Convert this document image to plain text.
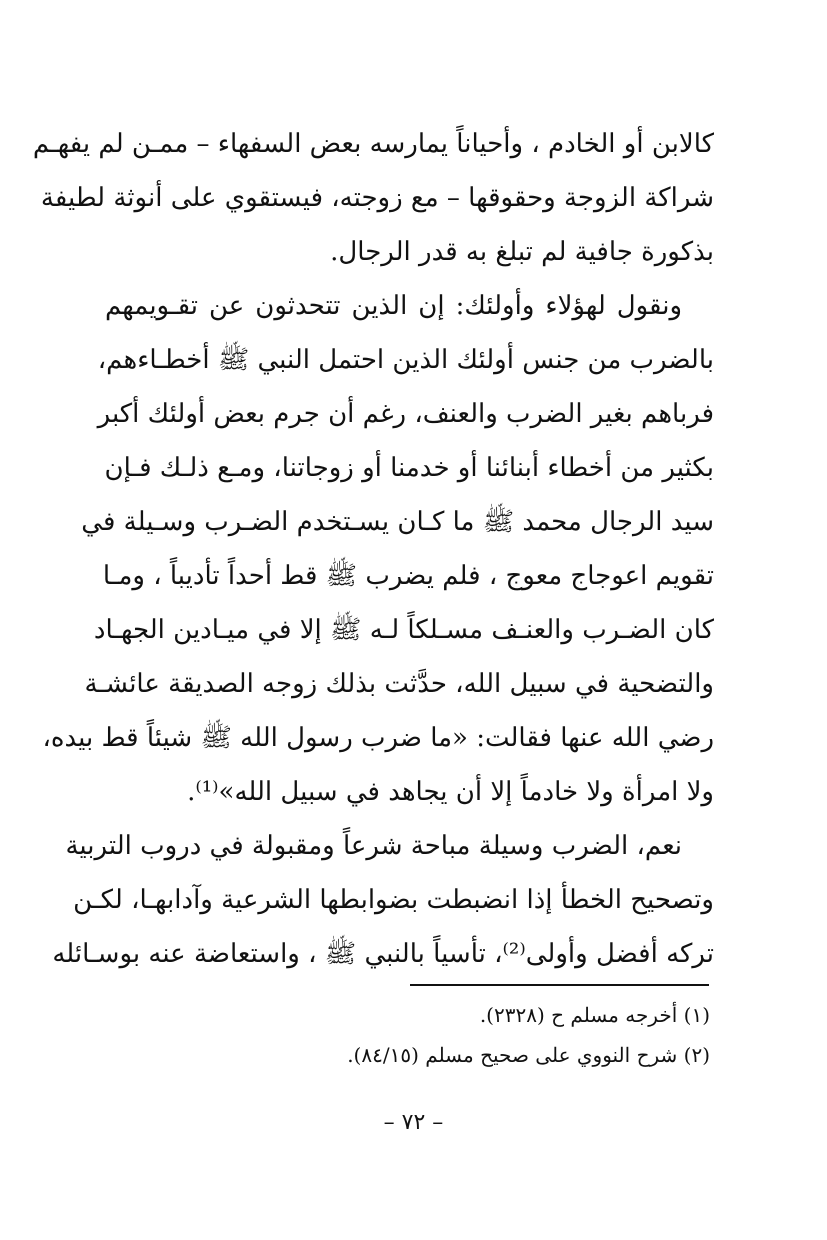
كالابن أو الخادم ، وأحياناً يمارسه بعض السفهاء – ممـن لم يفهـم
شراكة الزوجة وحقوقها – مع زوجته، فيستقوي على أنوثة لطيفة
بذكورة جافية لم تبلغ به قدر الرجال.
ونقول لهؤلاء وأولئك: إن الذين تتحدثون عن تقـويمهم
بالضرب من جنس أولئك الذين احتمل النبي ﷺ أخطـاءهم،
فرباهم بغير الضرب والعنف، رغم أن جرم بعض أولئك أكبر
بكثير من أخطاء أبنائنا أو خدمنا أو زوجاتنا، ومـع ذلـك فـإن
سيد الرجال محمد ﷺ ما كـان يسـتخدم الضـرب وسـيلة في
تقويم اعوجاج معوج ، فلم يضرب ﷺ قط أحداً تأديباً ، ومـا
كان الضـرب والعنـف مسـلكاً لـه ﷺ إلا في ميـادين الجهـاد
والتضحية في سبيل الله، حدَّثت بذلك زوجه الصديقة عائشـة
رضي الله عنها فقالت: «ما ضرب رسول الله ﷺ شيئاً قط بيده،
ولا امرأة ولا خادماً إلا أن يجاهد في سبيل الله»⁽¹⁾.
نعم، الضرب وسيلة مباحة شرعاً ومقبولة في دروب التربية
وتصحيح الخطأ إذا انضبطت بضوابطها الشرعية وآدابهـا، لكـن
تركه أفضل وأولى⁽²⁾، تأسياً بالنبي ﷺ ، واستعاضة عنه بوسـائله
(١) أخرجه مسلم ح (٢٣٢٨).
(٢) شرح النووي على صحيح مسلم (٨٤/١٥).
– ٧٢ –
